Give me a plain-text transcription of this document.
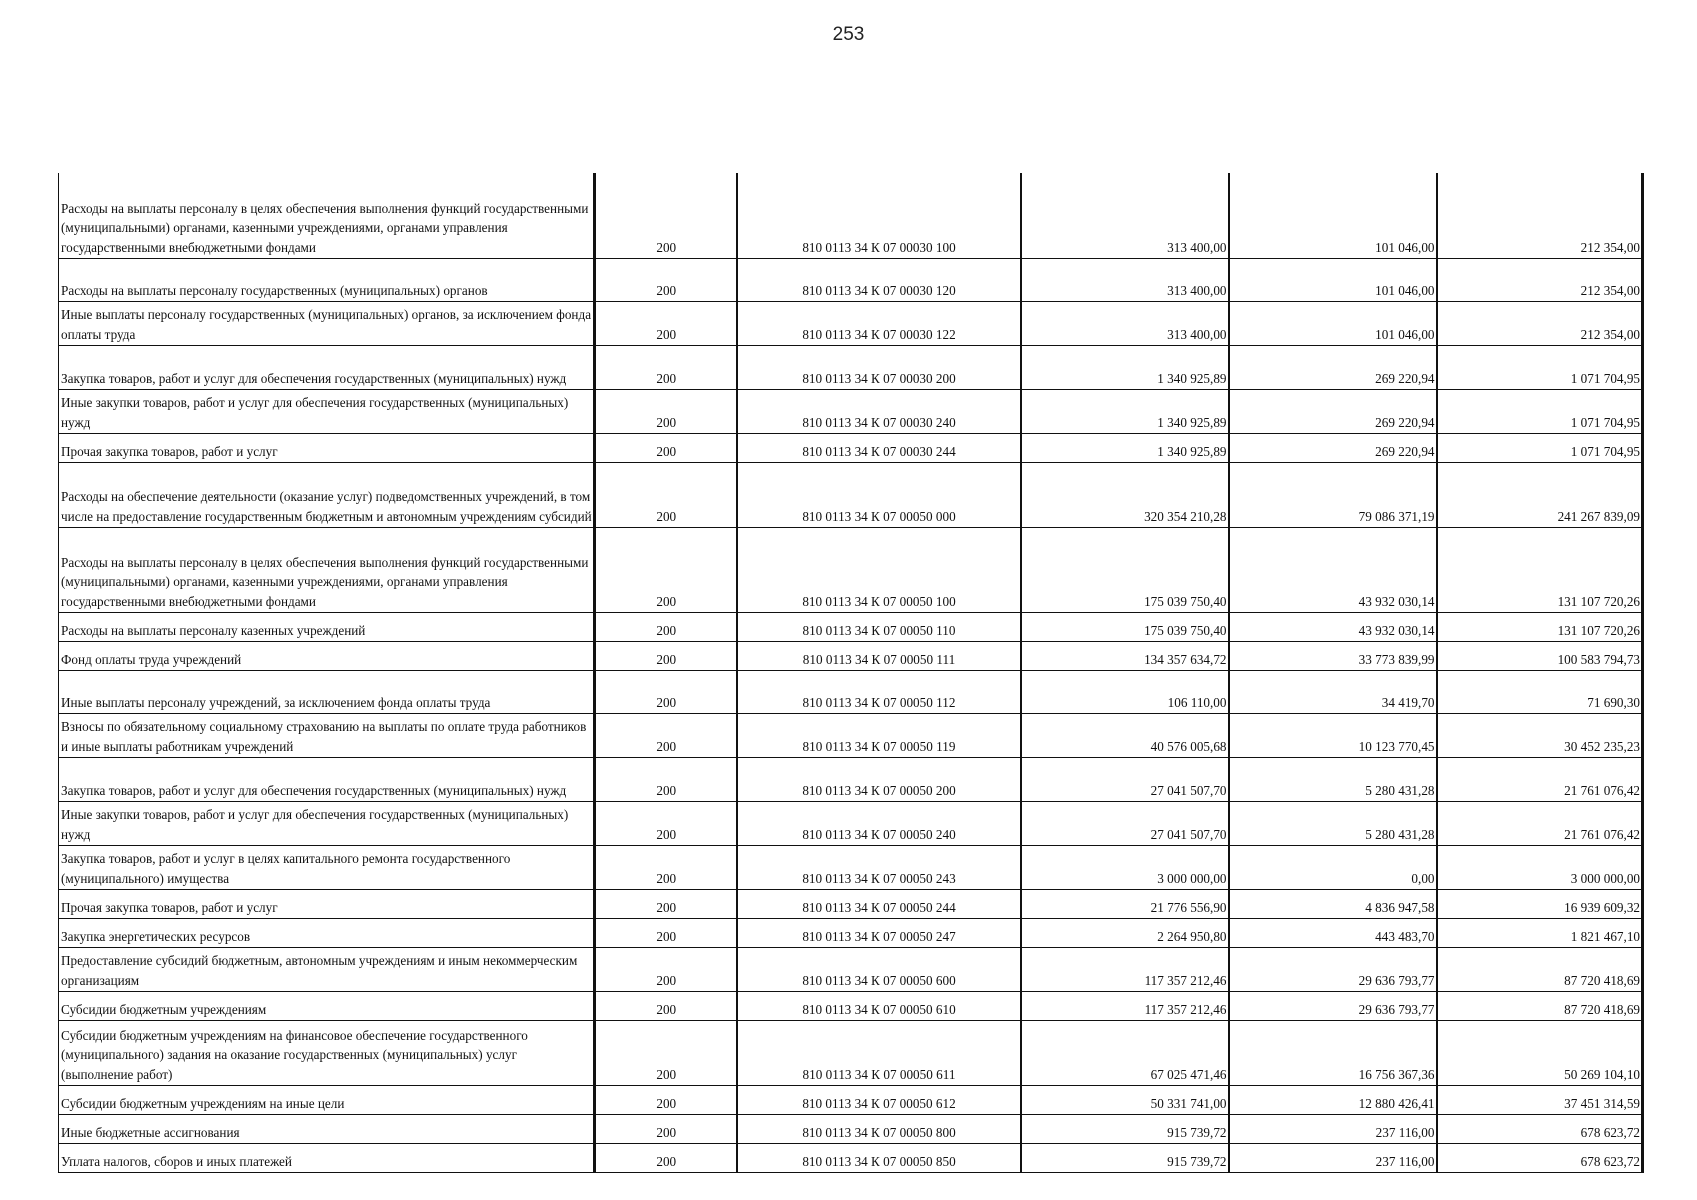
253
Расходы на выплаты персоналу в целях обеспечения выполнения функций государственными (муниципальными) органами, казенными учреждениями, органами управления государственными внебюджетными фондами	200	810 0113 34 К 07 00030 100	313 400,00	101 046,00	212 354,00
Расходы на выплаты персоналу государственных (муниципальных) органов	200	810 0113 34 К 07 00030 120	313 400,00	101 046,00	212 354,00
Иные выплаты персоналу государственных (муниципальных) органов, за исключением фонда оплаты труда	200	810 0113 34 К 07 00030 122	313 400,00	101 046,00	212 354,00
Закупка товаров, работ и услуг для обеспечения государственных (муниципальных) нужд	200	810 0113 34 К 07 00030 200	1 340 925,89	269 220,94	1 071 704,95
Иные закупки товаров, работ и услуг для обеспечения государственных (муниципальных) нужд	200	810 0113 34 К 07 00030 240	1 340 925,89	269 220,94	1 071 704,95
Прочая закупка товаров, работ и услуг	200	810 0113 34 К 07 00030 244	1 340 925,89	269 220,94	1 071 704,95
Расходы на обеспечение деятельности (оказание услуг) подведомственных учреждений, в том числе на предоставление государственным бюджетным и автономным учреждениям субсидий	200	810 0113 34 К 07 00050 000	320 354 210,28	79 086 371,19	241 267 839,09
Расходы на выплаты персоналу в целях обеспечения выполнения функций государственными (муниципальными) органами, казенными учреждениями, органами управления государственными внебюджетными фондами	200	810 0113 34 К 07 00050 100	175 039 750,40	43 932 030,14	131 107 720,26
Расходы на выплаты персоналу казенных учреждений	200	810 0113 34 К 07 00050 110	175 039 750,40	43 932 030,14	131 107 720,26
Фонд оплаты труда учреждений	200	810 0113 34 К 07 00050 111	134 357 634,72	33 773 839,99	100 583 794,73
Иные выплаты персоналу учреждений, за исключением фонда оплаты труда	200	810 0113 34 К 07 00050 112	106 110,00	34 419,70	71 690,30
Взносы по обязательному социальному страхованию на выплаты по оплате труда работников и иные выплаты работникам учреждений	200	810 0113 34 К 07 00050 119	40 576 005,68	10 123 770,45	30 452 235,23
Закупка товаров, работ и услуг для обеспечения государственных (муниципальных) нужд	200	810 0113 34 К 07 00050 200	27 041 507,70	5 280 431,28	21 761 076,42
Иные закупки товаров, работ и услуг для обеспечения государственных (муниципальных) нужд	200	810 0113 34 К 07 00050 240	27 041 507,70	5 280 431,28	21 761 076,42
Закупка товаров, работ и услуг в целях капитального ремонта государственного (муниципального) имущества	200	810 0113 34 К 07 00050 243	3 000 000,00	0,00	3 000 000,00
Прочая закупка товаров, работ и услуг	200	810 0113 34 К 07 00050 244	21 776 556,90	4 836 947,58	16 939 609,32
Закупка энергетических ресурсов	200	810 0113 34 К 07 00050 247	2 264 950,80	443 483,70	1 821 467,10
Предоставление субсидий бюджетным, автономным учреждениям и иным некоммерческим организациям	200	810 0113 34 К 07 00050 600	117 357 212,46	29 636 793,77	87 720 418,69
Субсидии бюджетным учреждениям	200	810 0113 34 К 07 00050 610	117 357 212,46	29 636 793,77	87 720 418,69
Субсидии бюджетным учреждениям на финансовое обеспечение государственного (муниципального) задания на оказание государственных (муниципальных) услуг (выполнение работ)	200	810 0113 34 К 07 00050 611	67 025 471,46	16 756 367,36	50 269 104,10
Субсидии бюджетным учреждениям на иные цели	200	810 0113 34 К 07 00050 612	50 331 741,00	12 880 426,41	37 451 314,59
Иные бюджетные ассигнования	200	810 0113 34 К 07 00050 800	915 739,72	237 116,00	678 623,72
Уплата налогов, сборов и иных платежей	200	810 0113 34 К 07 00050 850	915 739,72	237 116,00	678 623,72
